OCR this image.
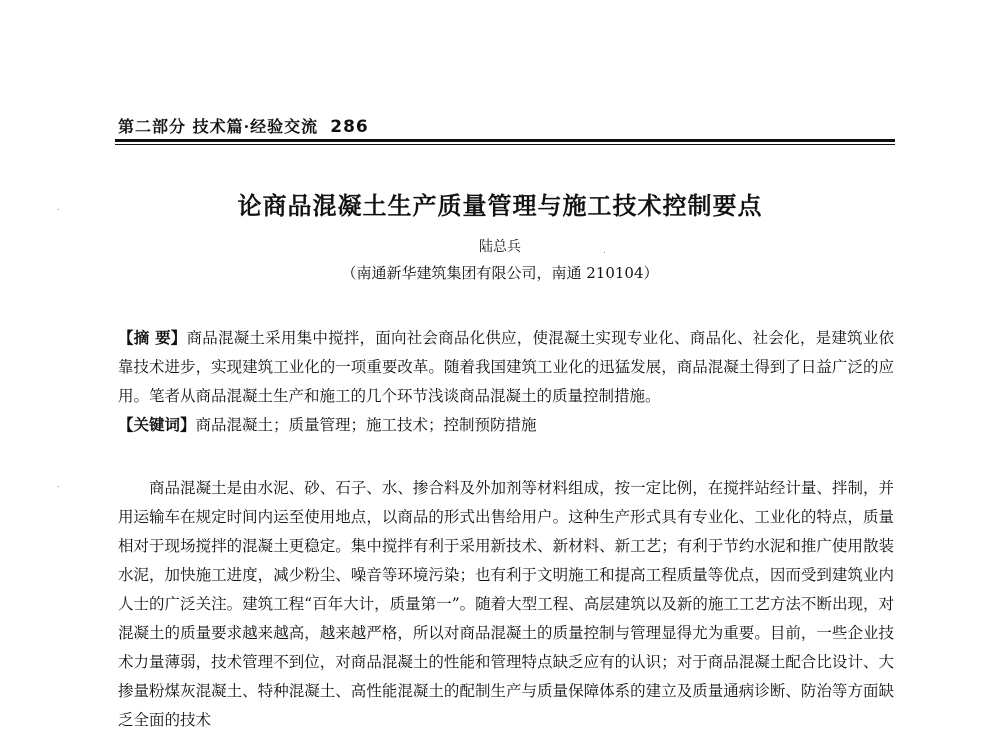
第二部分 技术篇·经验交流 286
论商品混凝土生产质量管理与施工技术控制要点
陆总兵
（南通新华建筑集团有限公司，南通 210104）
【摘 要】商品混凝土采用集中搅拌，面向社会商品化供应，使混凝土实现专业化、商品化、社会化，是建筑业依靠技术进步，实现建筑工业化的一项重要改革。随着我国建筑工业化的迅猛发展，商品混凝土得到了日益广泛的应用。笔者从商品混凝土生产和施工的几个环节浅谈商品混凝土的质量控制措施。
【关键词】商品混凝土；质量管理；施工技术；控制预防措施
商品混凝土是由水泥、砂、石子、水、掺合料及外加剂等材料组成，按一定比例，在搅拌站经计量、拌制，并用运输车在规定时间内运至使用地点，以商品的形式出售给用户。这种生产形式具有专业化、工业化的特点，质量相对于现场搅拌的混凝土更稳定。集中搅拌有利于采用新技术、新材料、新工艺；有利于节约水泥和推广使用散装水泥，加快施工进度，减少粉尘、噪音等环境污染；也有利于文明施工和提高工程质量等优点，因而受到建筑业内人士的广泛关注。建筑工程“百年大计，质量第一”。随着大型工程、高层建筑以及新的施工工艺方法不断出现，对混凝土的质量要求越来越高，越来越严格，所以对商品混凝土的质量控制与管理显得尤为重要。目前，一些企业技术力量薄弱，技术管理不到位，对商品混凝土的性能和管理特点缺乏应有的认识；对于商品混凝土配合比设计、大掺量粉煤灰混凝土、特种混凝土、高性能混凝土的配制生产与质量保障体系的建立及质量通病诊断、防治等方面缺乏全面的技术
